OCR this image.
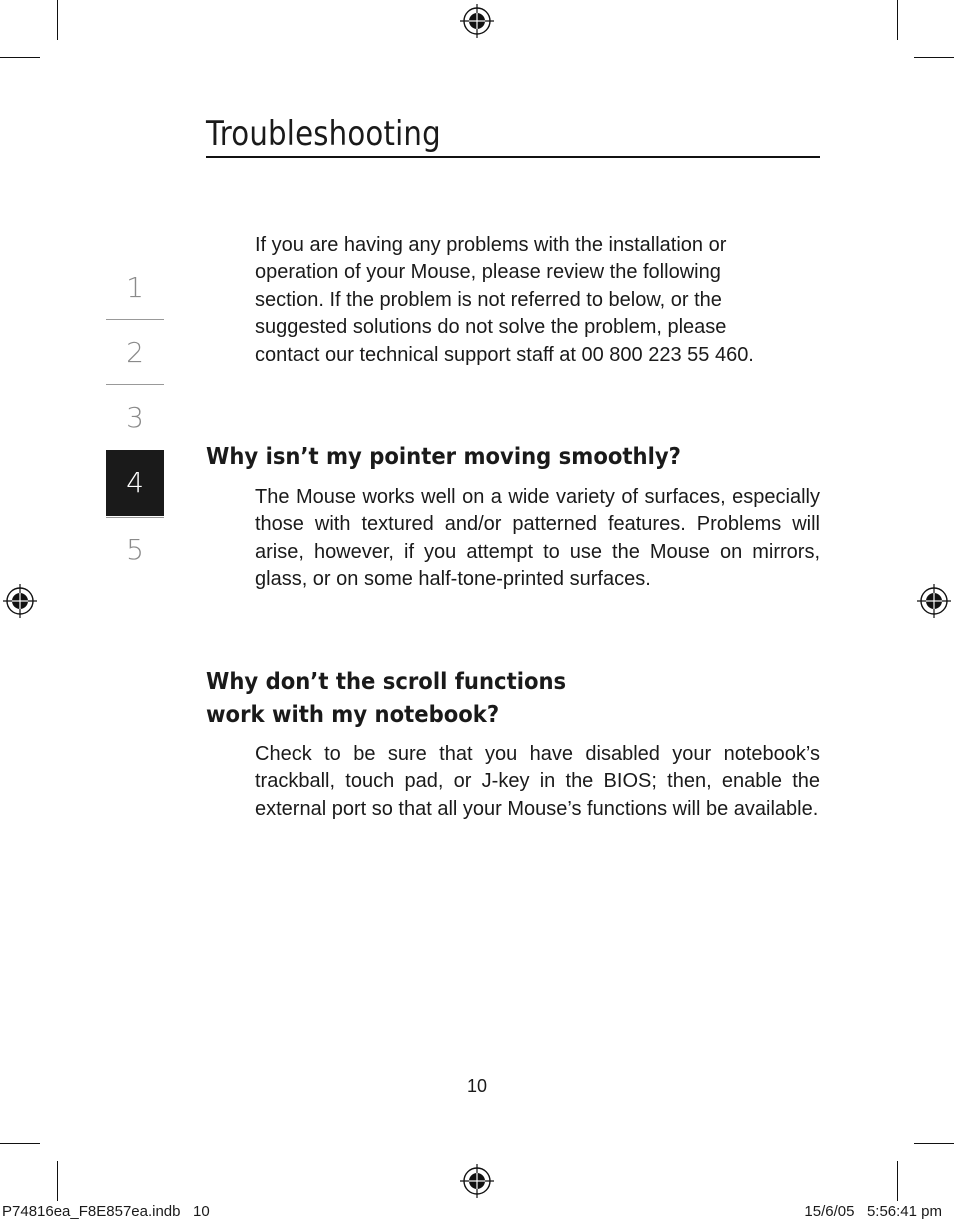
Troubleshooting
1
2
3
4
5

If you are having any problems with the installation or operation of your Mouse, please review the following section. If the problem is not referred to below, or the suggested solutions do not solve the problem, please contact our technical support staff at 00 800 223 55 460.

Why isn’t my pointer moving smoothly?

The Mouse works well on a wide variety of surfaces, especially those with textured and/or patterned features. Problems will arise, however, if you attempt to use the Mouse on mirrors, glass, or on some half-tone-printed surfaces.

Why don’t the scroll functions
work with my notebook?

Check to be sure that you have disabled your notebook’s trackball, touch pad, or J-key in the BIOS; then, enable the external port so that all your Mouse’s functions will be available.

10
P74816ea_F8E857ea.indb   10	15/6/05   5:56:41 pm
